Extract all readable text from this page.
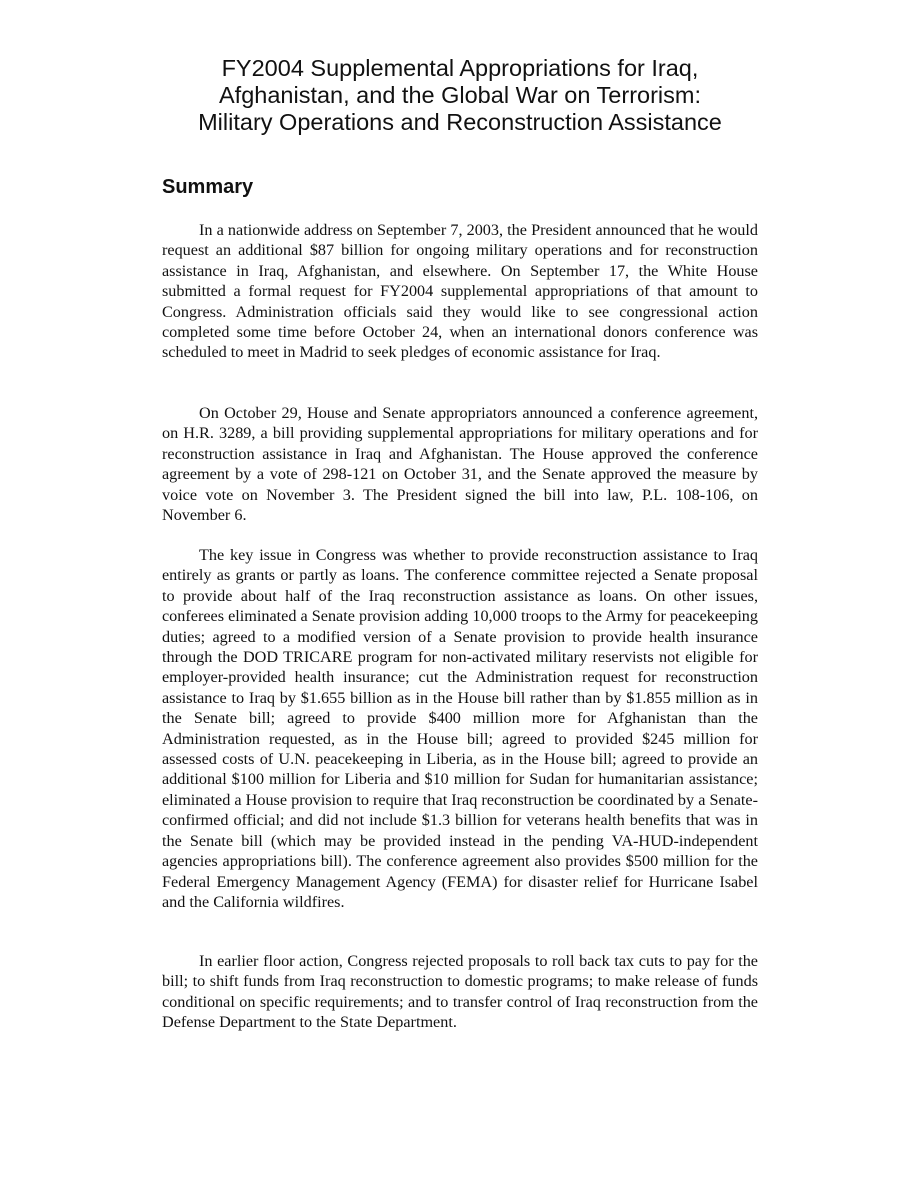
FY2004 Supplemental Appropriations for Iraq,
Afghanistan, and the Global War on Terrorism:
Military Operations and Reconstruction Assistance
Summary

In a nationwide address on September 7, 2003, the President announced that he would request an additional $87 billion for ongoing military operations and for reconstruction assistance in Iraq, Afghanistan, and elsewhere. On September 17, the White House submitted a formal request for FY2004 supplemental appropriations of that amount to Congress. Administration officials said they would like to see congressional action completed some time before October 24, when an international donors conference was scheduled to meet in Madrid to seek pledges of economic assistance for Iraq.

On October 29, House and Senate appropriators announced a conference agreement, on H.R. 3289, a bill providing supplemental appropriations for military operations and for reconstruction assistance in Iraq and Afghanistan. The House approved the conference agreement by a vote of 298-121 on October 31, and the Senate approved the measure by voice vote on November 3. The President signed the bill into law, P.L. 108-106, on November 6.

The key issue in Congress was whether to provide reconstruction assistance to Iraq entirely as grants or partly as loans. The conference committee rejected a Senate proposal to provide about half of the Iraq reconstruction assistance as loans. On other issues, conferees eliminated a Senate provision adding 10,000 troops to the Army for peacekeeping duties; agreed to a modified version of a Senate provision to provide health insurance through the DOD TRICARE program for non-activated military reservists not eligible for employer-provided health insurance; cut the Administration request for reconstruction assistance to Iraq by $1.655 billion as in the House bill rather than by $1.855 million as in the Senate bill; agreed to provide $400 million more for Afghanistan than the Administration requested, as in the House bill; agreed to provided $245 million for assessed costs of U.N. peacekeeping in Liberia, as in the House bill; agreed to provide an additional $100 million for Liberia and $10 million for Sudan for humanitarian assistance; eliminated a House provision to require that Iraq reconstruction be coordinated by a Senate-confirmed official; and did not include $1.3 billion for veterans health benefits that was in the Senate bill (which may be provided instead in the pending VA-HUD-independent agencies appropriations bill). The conference agreement also provides $500 million for the Federal Emergency Management Agency (FEMA) for disaster relief for Hurricane Isabel and the California wildfires.

In earlier floor action, Congress rejected proposals to roll back tax cuts to pay for the bill; to shift funds from Iraq reconstruction to domestic programs; to make release of funds conditional on specific requirements; and to transfer control of Iraq reconstruction from the Defense Department to the State Department.
